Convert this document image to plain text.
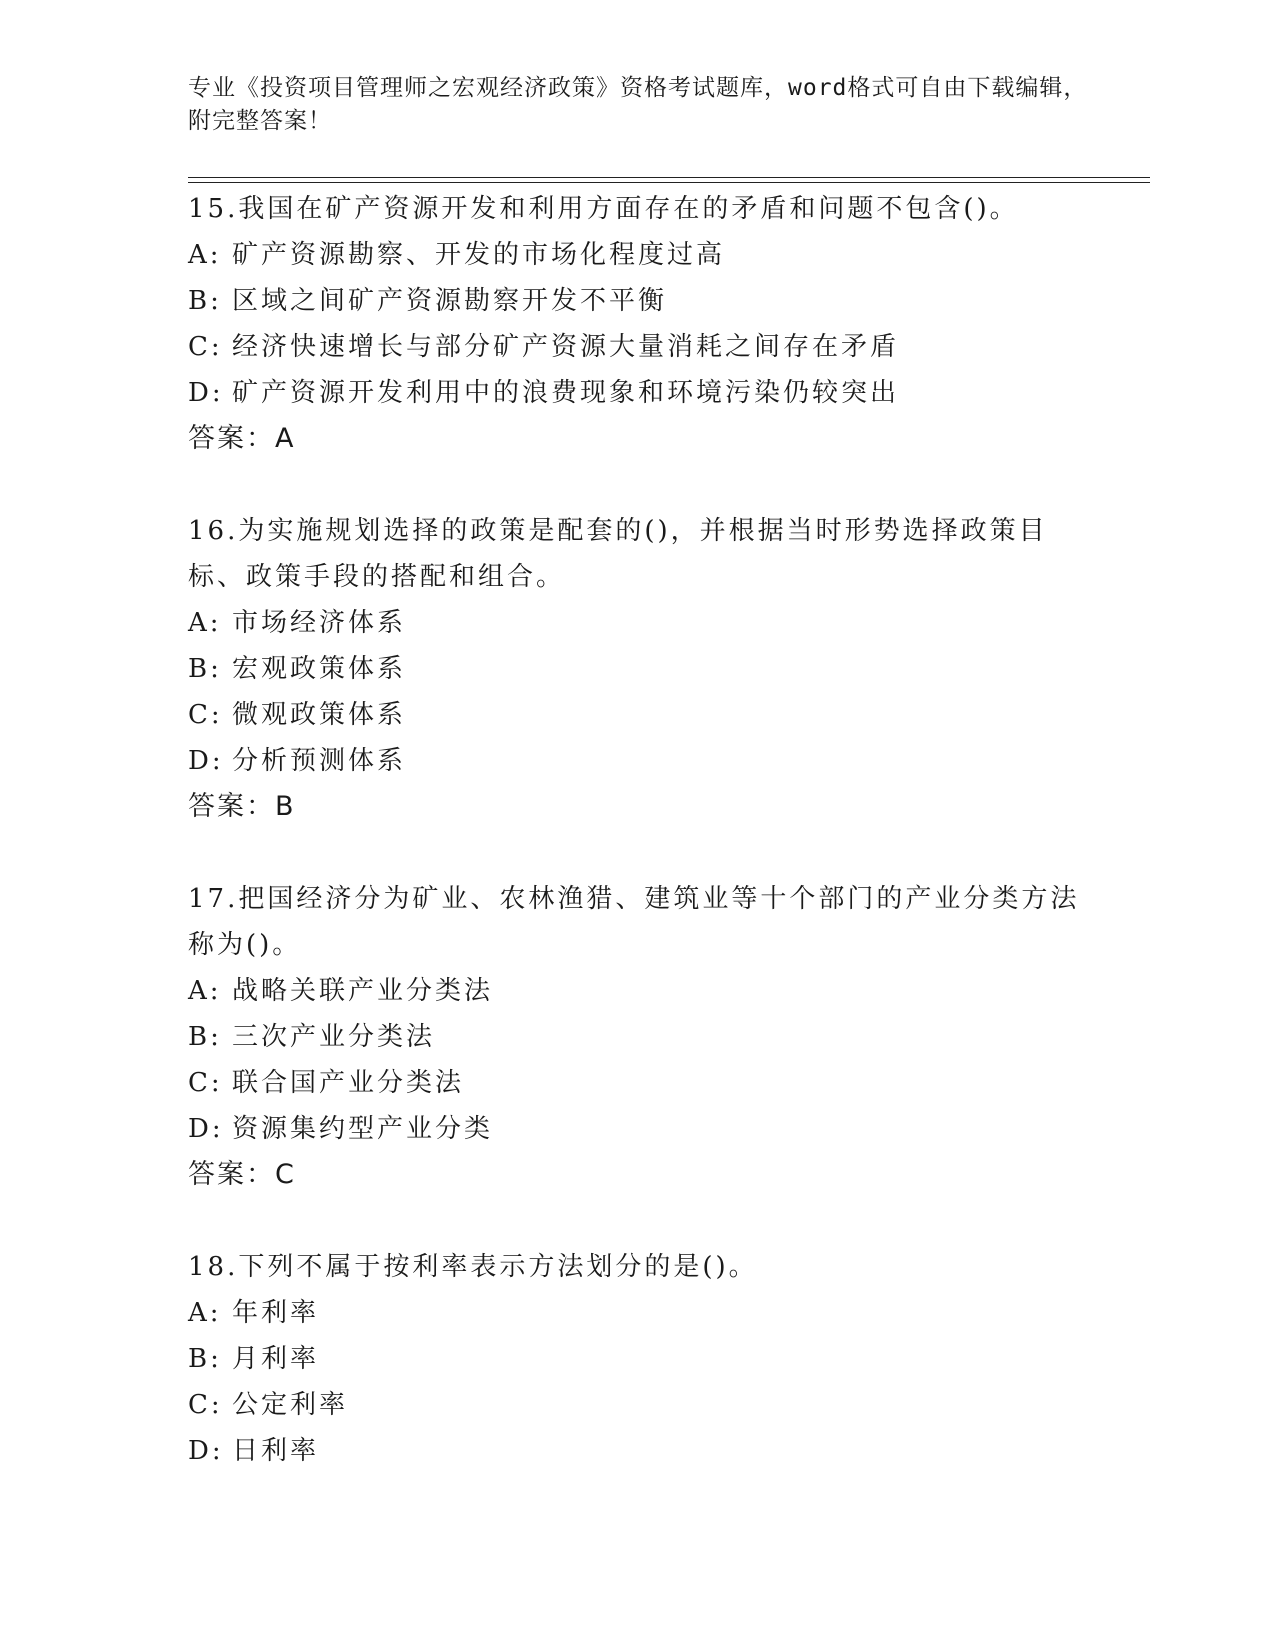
专业《投资项目管理师之宏观经济政策》资格考试题库，word格式可自由下载编辑，附完整答案！

15.我国在矿产资源开发和利用方面存在的矛盾和问题不包含()。

A: 矿产资源勘察、开发的市场化程度过高

B: 区域之间矿产资源勘察开发不平衡

C: 经济快速增长与部分矿产资源大量消耗之间存在矛盾

D: 矿产资源开发利用中的浪费现象和环境污染仍较突出

答案：A

16.为实施规划选择的政策是配套的()，并根据当时形势选择政策目标、政策手段的搭配和组合。

A: 市场经济体系

B: 宏观政策体系

C: 微观政策体系

D: 分析预测体系

答案：B

17.把国经济分为矿业、农林渔猎、建筑业等十个部门的产业分类方法称为()。

A: 战略关联产业分类法

B: 三次产业分类法

C: 联合国产业分类法

D: 资源集约型产业分类

答案：C

18.下列不属于按利率表示方法划分的是()。

A: 年利率

B: 月利率

C: 公定利率

D: 日利率
